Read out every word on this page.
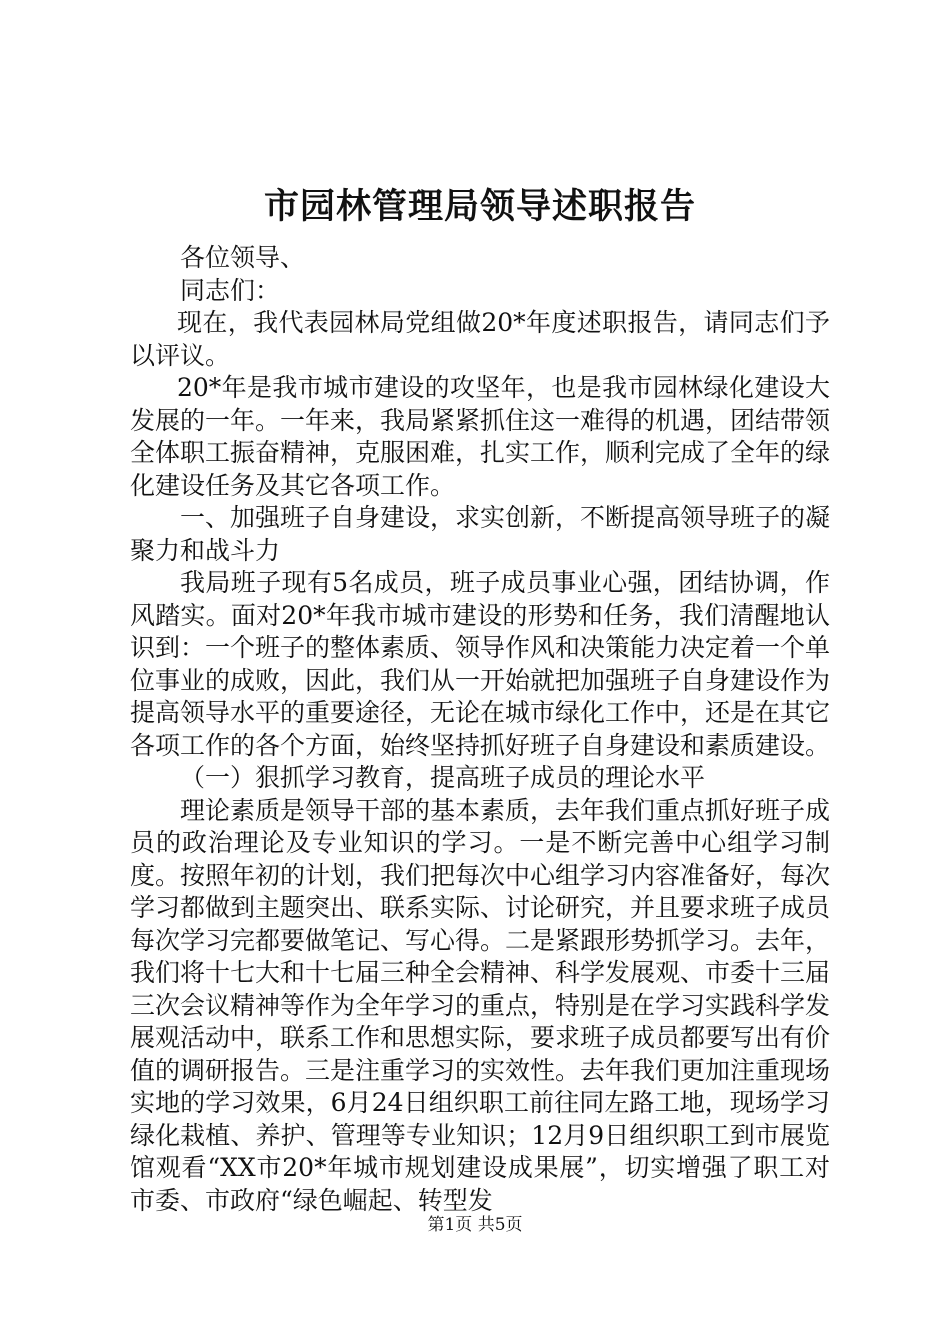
市园林管理局领导述职报告

各位领导、

同志们：

现在，我代表园林局党组做20*年度述职报告，请同志们予以评议。

20*年是我市城市建设的攻坚年，也是我市园林绿化建设大发展的一年。一年来，我局紧紧抓住这一难得的机遇，团结带领全体职工振奋精神，克服困难，扎实工作，顺利完成了全年的绿化建设任务及其它各项工作。

一、加强班子自身建设，求实创新，不断提高领导班子的凝聚力和战斗力

我局班子现有5名成员，班子成员事业心强，团结协调，作风踏实。面对20*年我市城市建设的形势和任务，我们清醒地认识到：一个班子的整体素质、领导作风和决策能力决定着一个单位事业的成败，因此，我们从一开始就把加强班子自身建设作为提高领导水平的重要途径，无论在城市绿化工作中，还是在其它各项工作的各个方面，始终坚持抓好班子自身建设和素质建设。

（一）狠抓学习教育，提高班子成员的理论水平

理论素质是领导干部的基本素质，去年我们重点抓好班子成员的政治理论及专业知识的学习。一是不断完善中心组学习制度。按照年初的计划，我们把每次中心组学习内容准备好，每次学习都做到主题突出、联系实际、讨论研究，并且要求班子成员每次学习完都要做笔记、写心得。二是紧跟形势抓学习。去年，我们将十七大和十七届三种全会精神、科学发展观、市委十三届三次会议精神等作为全年学习的重点，特别是在学习实践科学发展观活动中，联系工作和思想实际，要求班子成员都要写出有价值的调研报告。三是注重学习的实效性。去年我们更加注重现场实地的学习效果，6月24日组织职工前往同左路工地，现场学习绿化栽植、养护、管理等专业知识；12月9日组织职工到市展览馆观看“XX市20*年城市规划建设成果展”，切实增强了职工对市委、市政府“绿色崛起、转型发

第1页 共5页
